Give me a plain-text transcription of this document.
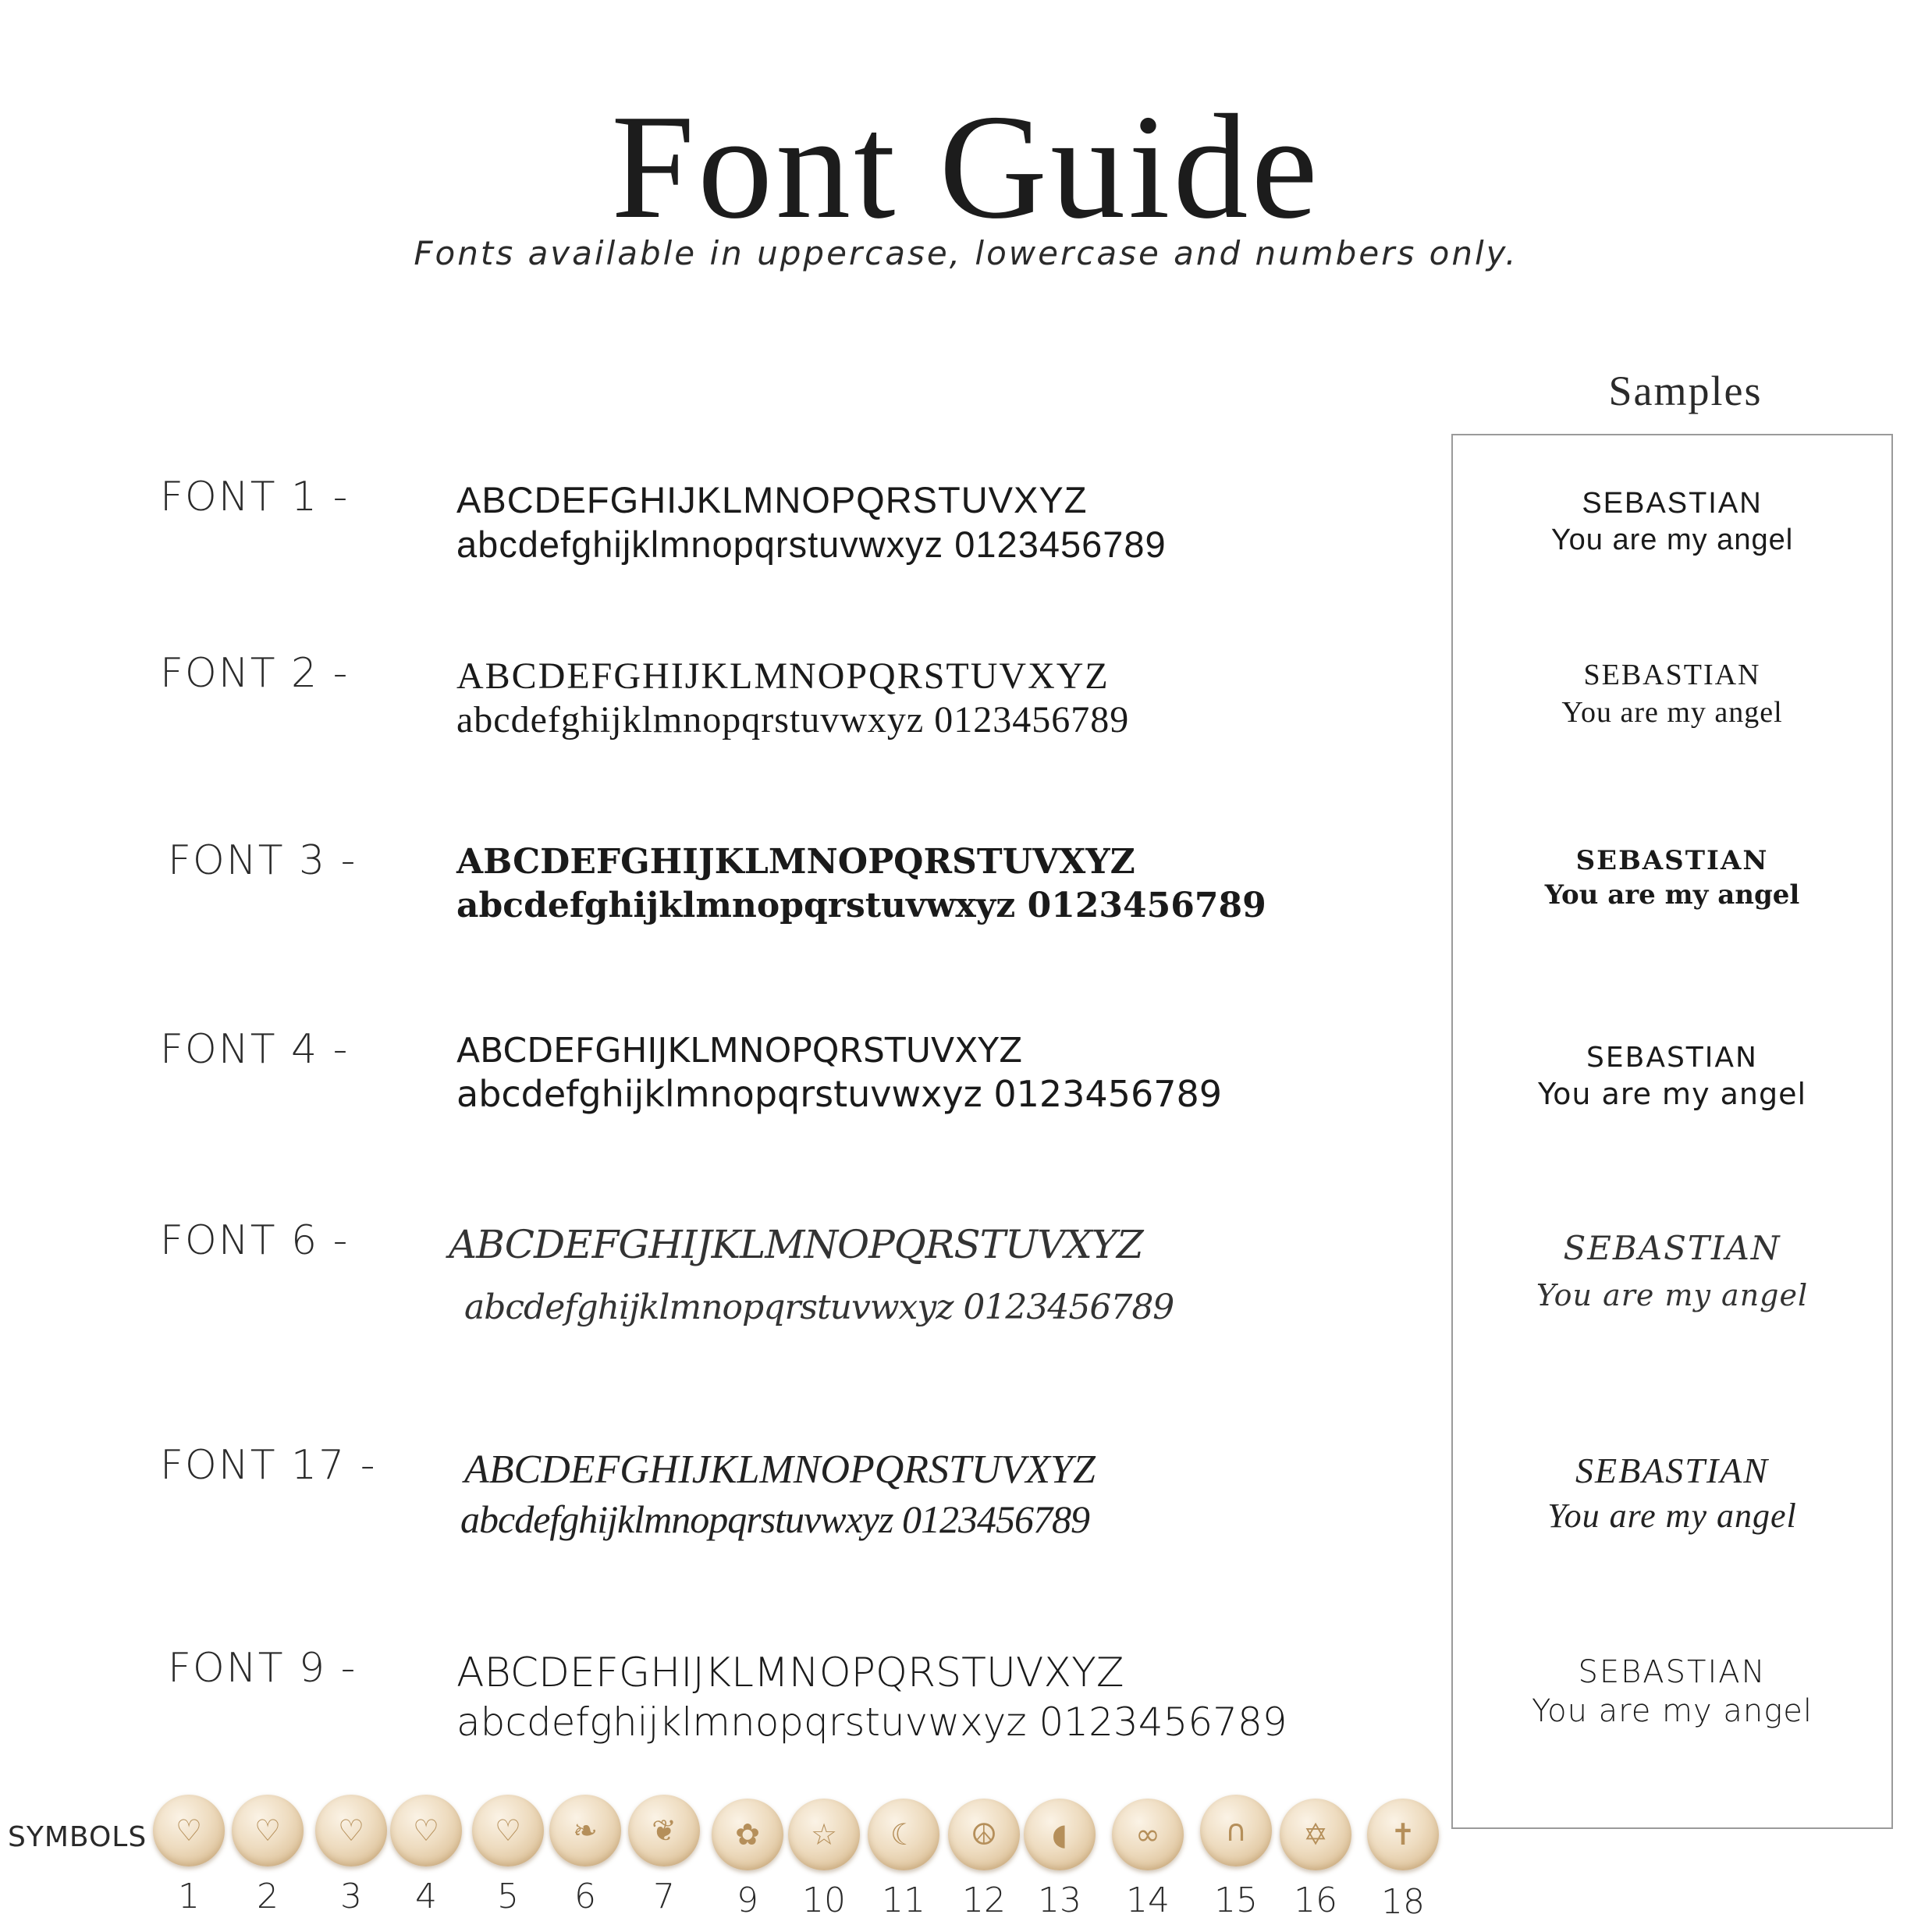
Font Guide
Fonts available in uppercase, lowercase and numbers only.
Samples
FONT 1 -	ABCDEFGHIJKLMNOPQRSTUVXYZ
abcdefghijklmnopqrstuvwxyz 0123456789
SEBASTIAN
You are my angel
FONT 2 -	ABCDEFGHIJKLMNOPQRSTUVXYZ
abcdefghijklmnopqrstuvwxyz 0123456789
SEBASTIAN
You are my angel
FONT 3 -	ABCDEFGHIJKLMNOPQRSTUVXYZ
abcdefghijklmnopqrstuvwxyz 0123456789
SEBASTIAN
You are my angel
FONT 4 -	ABCDEFGHIJKLMNOPQRSTUVXYZ
abcdefghijklmnopqrstuvwxyz 0123456789
SEBASTIAN
You are my angel
FONT 6 -	ABCDEFGHIJKLMNOPQRSTUVXYZ
abcdefghijklmnopqrstuvwxyz 0123456789
SEBASTIAN
You are my angel
FONT 17 - ABCDEFGHIJKLMNOPQRSTUVXYZ
abcdefghijklmnopqrstuvwxyz 0123456789
SEBASTIAN
You are my angel
FONT 9 - ABCDEFGHIJKLMNOPQRSTUVXYZ
abcdefghijklmnopqrstuvwxyz 0123456789
SEBASTIAN
You are my angel
SYMBOLS ♡
1
♡
2
♡
3
♡
4
♡
5
❧
6
❦
7
✿
9
☆
10
☾
11
☮
12
◖
13
∞
14
∩
15
✡
16
✝
18
